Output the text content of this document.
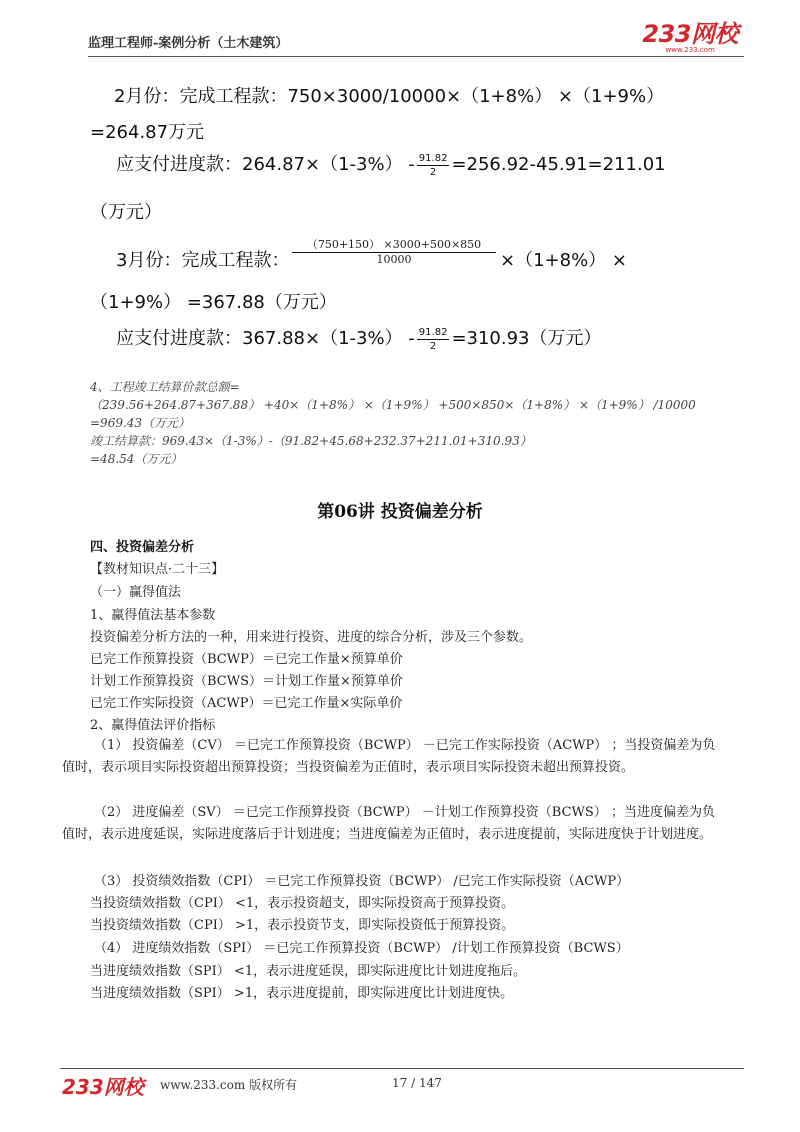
监理工程师-案例分析（土木建筑）	233网校
www.233.com
2月份：完成工程款：750×3000/10000×（1+8%） ×（1+9%）
=264.87万元
应支付进度款：$264.87\times(1-3\%) - \frac{91.82}{2} =256.92-45.91=211.01$
（万元）
3月份：完成工程款： $\frac{(750+150) \times 3000+500\times 850}{10000} \times(1+8\%)$ ×
（1+9%） =367.88（万元）
应支付进度款：$367.88\times(1-3\%) - \frac{91.82}{2} =310.93$（万元）
4、工程竣工结算价款总额=
（239.56+264.87+367.88） +40×（1+8%） ×（1+9%） +500×850×（1+8%） ×（1+9%） /10000
=969.43（万元）
竣工结算款：969.43×（1-3%）-（91.82+45.68+232.37+211.01+310.93）
=48.54（万元）
第06讲 投资偏差分析
四、投资偏差分析
【教材知识点·二十三】
（一）赢得值法
1、赢得值法基本参数
投资偏差分析方法的一种，用来进行投资、进度的综合分析，涉及三个参数。
已完工作预算投资（BCWP）＝已完工作量×预算单价
计划工作预算投资（BCWS）＝计划工作量×预算单价
已完工作实际投资（ACWP）＝已完工作量×实际单价
2、赢得值法评价指标
（1） 投资偏差（CV） ＝已完工作预算投资（BCWP） －已完工作实际投资（ACWP） ；当投资偏差为负值时，表示项目实际投资超出预算投资；当投资偏差为正值时，表示项目实际投资未超出预算投资。
（2） 进度偏差（SV） ＝已完工作预算投资（BCWP） －计划工作预算投资（BCWS） ；当进度偏差为负值时，表示进度延误，实际进度落后于计划进度；当进度偏差为正值时，表示进度提前，实际进度快于计划进度。
（3） 投资绩效指数（CPI） ＝已完工作预算投资（BCWP） /已完工作实际投资（ACWP）
当投资绩效指数（CPI） <1，表示投资超支，即实际投资高于预算投资。
当投资绩效指数（CPI） >1，表示投资节支，即实际投资低于预算投资。
（4） 进度绩效指数（SPI） ＝已完工作预算投资（BCWP） /计划工作预算投资（BCWS）
当进度绩效指数（SPI） <1，表示进度延误，即实际进度比计划进度拖后。
当进度绩效指数（SPI） >1，表示进度提前，即实际进度比计划进度快。
233网校 www.233.com 版权所有	17 / 147
